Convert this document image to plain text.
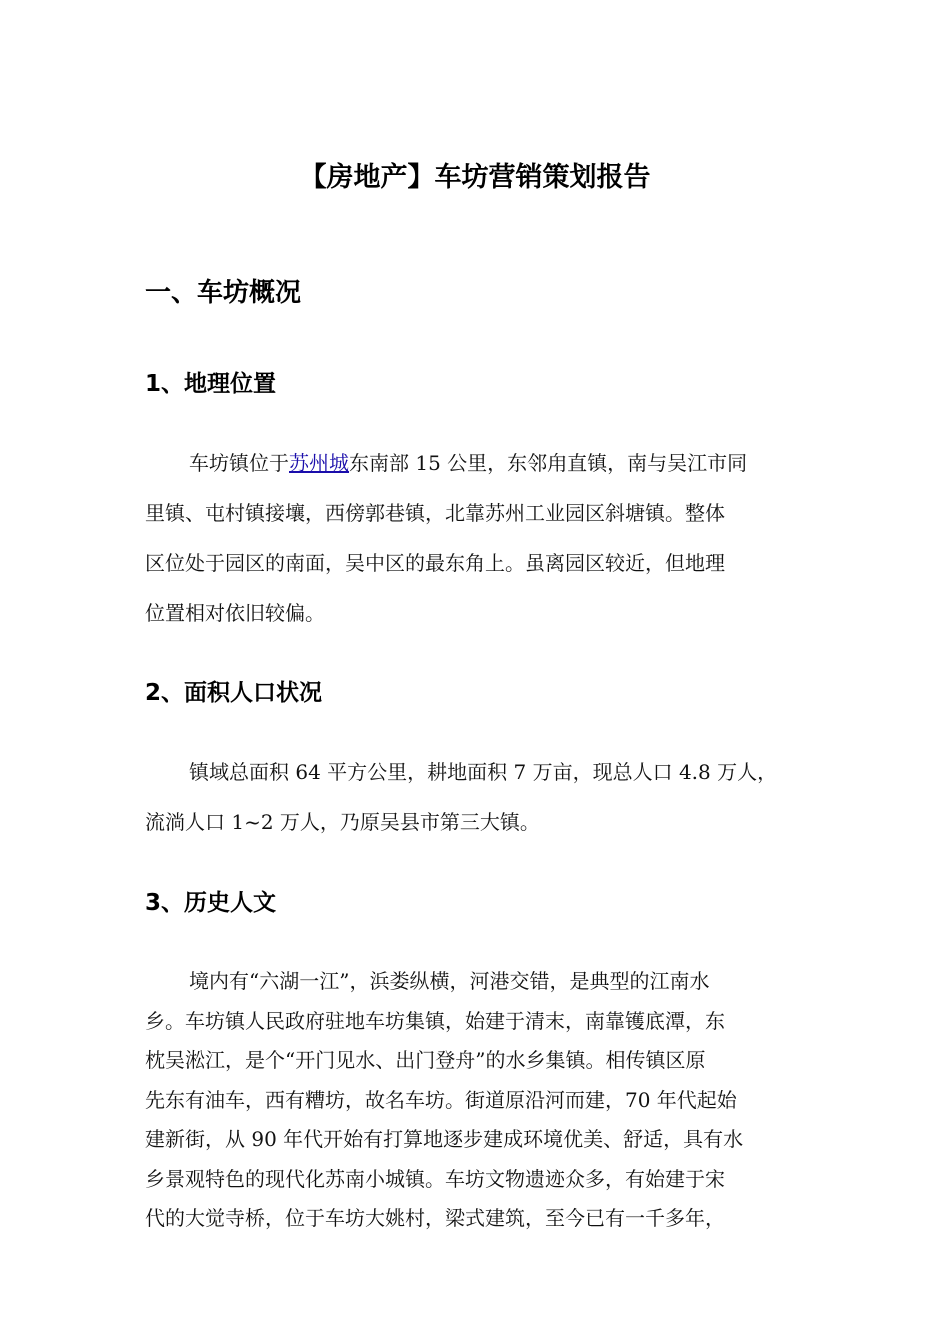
【房地产】车坊营销策划报告
一、车坊概况
1、地理位置
车坊镇位于苏州城东南部 15 公里，东邻甪直镇，南与吴江市同
里镇、屯村镇接壤，西傍郭巷镇，北靠苏州工业园区斜塘镇。整体
区位处于园区的南面，吴中区的最东角上。虽离园区较近，但地理
位置相对依旧较偏。
2、面积人口状况
镇域总面积 64 平方公里，耕地面积 7 万亩，现总人口 4.8 万人，
流淌人口 1~2 万人，乃原吴县市第三大镇。
3、历史人文
境内有“六湖一江”，浜娄纵横，河港交错，是典型的江南水
乡。车坊镇人民政府驻地车坊集镇，始建于清末，南靠镬底潭，东
枕吴淞江，是个“开门见水、出门登舟”的水乡集镇。相传镇区原
先东有油车，西有糟坊，故名车坊。街道原沿河而建，70 年代起始
建新街，从 90 年代开始有打算地逐步建成环境优美、舒适，具有水
乡景观特色的现代化苏南小城镇。车坊文物遗迹众多，有始建于宋
代的大觉寺桥，位于车坊大姚村，梁式建筑，至今已有一千多年，
